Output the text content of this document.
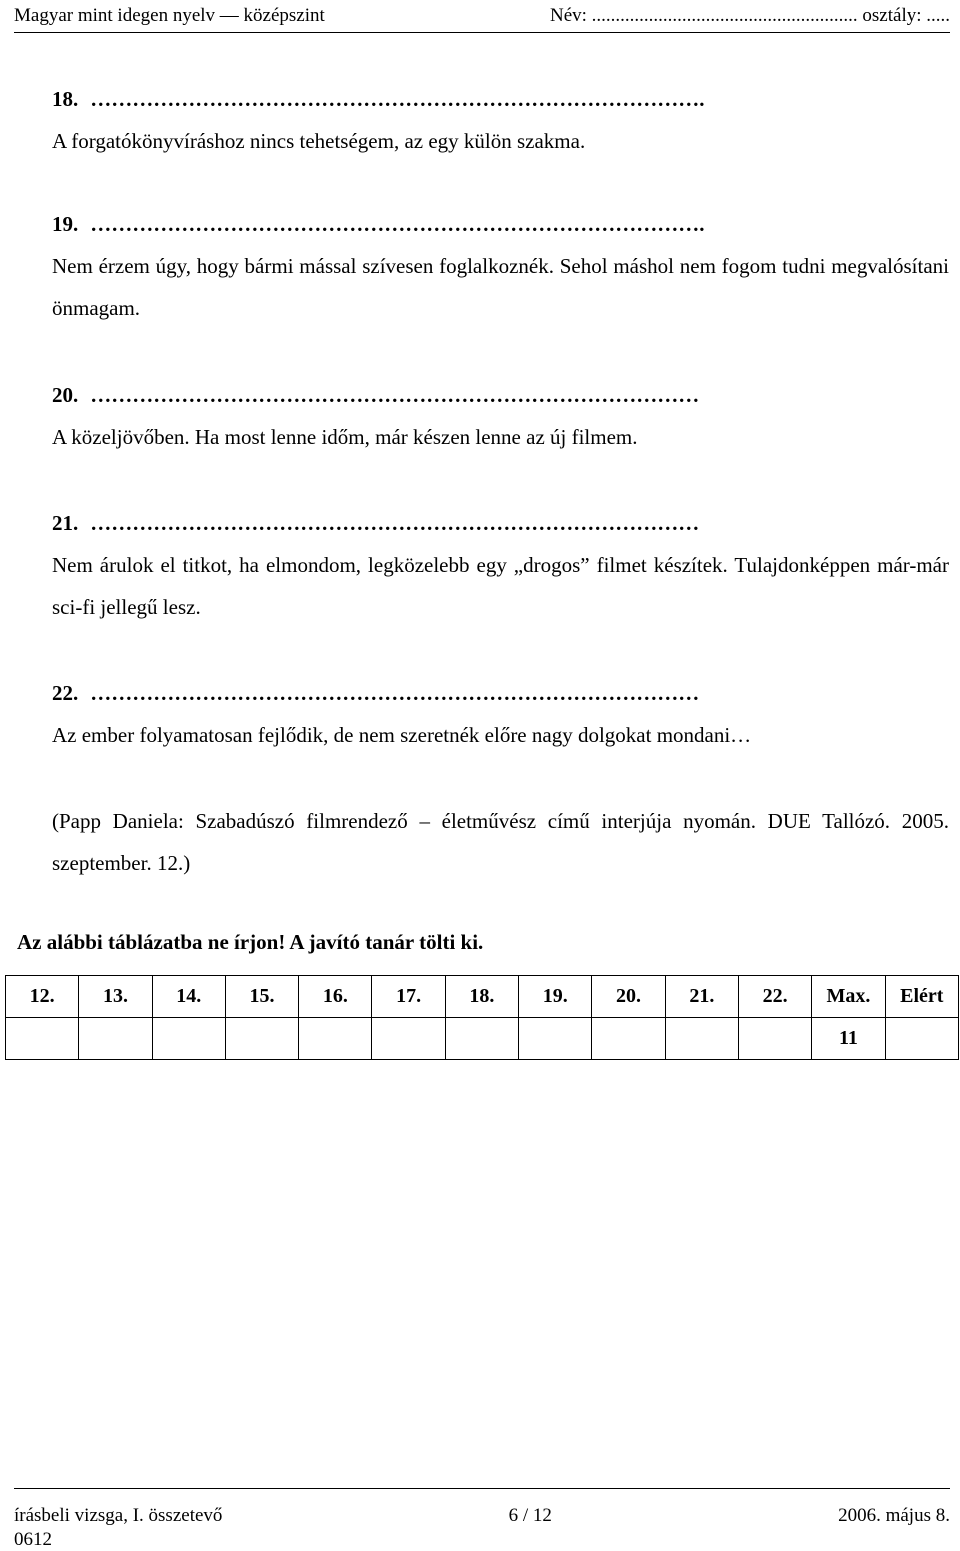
Magyar mint idegen nyelv — középszint	Név: ........................................................ osztály: .....
18. …………………………………………………………………………….
A forgatókönyvíráshoz nincs tehetségem, az egy külön szakma.
19. …………………………………………………………………………….
Nem érzem úgy, hogy bármi mással szívesen foglalkoznék. Sehol máshol nem fogom tudni megvalósítani önmagam.
20. ……………………………………………………………………………
A közeljövőben. Ha most lenne időm, már készen lenne az új filmem.
21. ……………………………………………………………………………
Nem árulok el titkot, ha elmondom, legközelebb egy „drogos” filmet készítek. Tulajdonképpen már-már sci-fi jellegű lesz.
22. ……………………………………………………………………………
Az ember folyamatosan fejlődik, de nem szeretnék előre nagy dolgokat mondani…
(Papp Daniela: Szabadúszó filmrendező – életművész című interjúja nyomán. DUE Tallózó. 2005. szeptember. 12.)
Az alábbi táblázatba ne írjon! A javító tanár tölti ki.
12.	13.	14.	15.	16.	17.	18.	19.	20.	21.	22.	Max.	Elért
											11	
írásbeli vizsga, I. összetevő	6 / 12	2006. május 8.
0612
